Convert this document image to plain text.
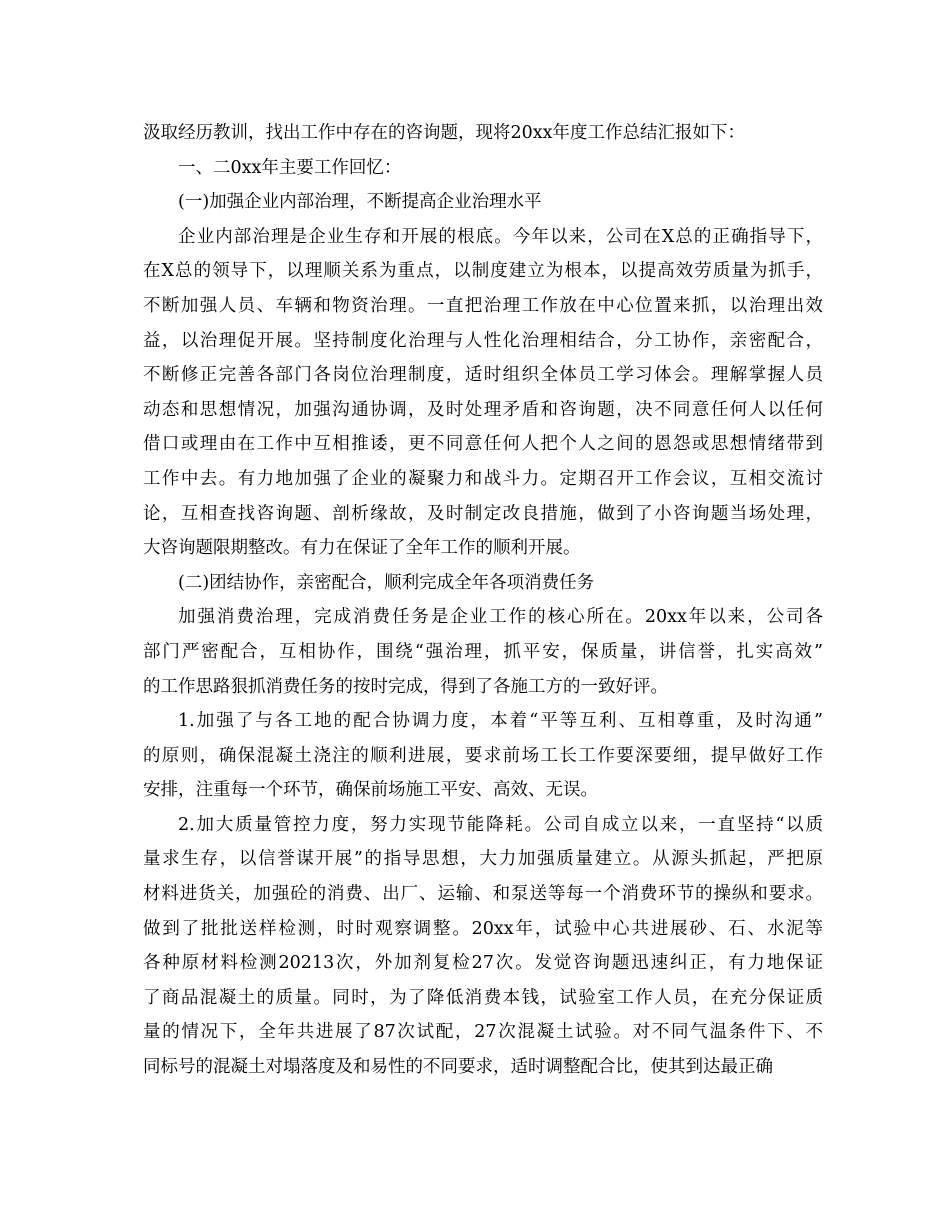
汲取经历教训，找出工作中存在的咨询题，现将20xx年度工作总结汇报如下：
一、二0xx年主要工作回忆：
(一)加强企业内部治理，不断提高企业治理水平
企业内部治理是企业生存和开展的根底。今年以来，公司在X总的正确指导下，
在X总的领导下，以理顺关系为重点，以制度建立为根本，以提高效劳质量为抓手，
不断加强人员、车辆和物资治理。一直把治理工作放在中心位置来抓，以治理出效
益，以治理促开展。坚持制度化治理与人性化治理相结合，分工协作，亲密配合，
不断修正完善各部门各岗位治理制度，适时组织全体员工学习体会。理解掌握人员
动态和思想情况，加强沟通协调，及时处理矛盾和咨询题，决不同意任何人以任何
借口或理由在工作中互相推诿，更不同意任何人把个人之间的恩怨或思想情绪带到
工作中去。有力地加强了企业的凝聚力和战斗力。定期召开工作会议，互相交流讨
论，互相查找咨询题、剖析缘故，及时制定改良措施，做到了小咨询题当场处理，
大咨询题限期整改。有力在保证了全年工作的顺利开展。
(二)团结协作，亲密配合，顺利完成全年各项消费任务
加强消费治理，完成消费任务是企业工作的核心所在。20xx年以来，公司各
部门严密配合，互相协作，围绕“强治理，抓平安，保质量，讲信誉，扎实高效”
的工作思路狠抓消费任务的按时完成，得到了各施工方的一致好评。
1.加强了与各工地的配合协调力度，本着“平等互利、互相尊重，及时沟通”
的原则，确保混凝土浇注的顺利进展，要求前场工长工作要深要细，提早做好工作
安排，注重每一个环节，确保前场施工平安、高效、无误。
2.加大质量管控力度，努力实现节能降耗。公司自成立以来，一直坚持“以质
量求生存，以信誉谋开展”的指导思想，大力加强质量建立。从源头抓起，严把原
材料进货关，加强砼的消费、出厂、运输、和泵送等每一个消费环节的操纵和要求。
做到了批批送样检测，时时观察调整。20xx年，试验中心共进展砂、石、水泥等
各种原材料检测20213次，外加剂复检27次。发觉咨询题迅速纠正，有力地保证
了商品混凝土的质量。同时，为了降低消费本钱，试验室工作人员，在充分保证质
量的情况下，全年共进展了87次试配，27次混凝土试验。对不同气温条件下、不
同标号的混凝土对塌落度及和易性的不同要求，适时调整配合比，使其到达最正确
